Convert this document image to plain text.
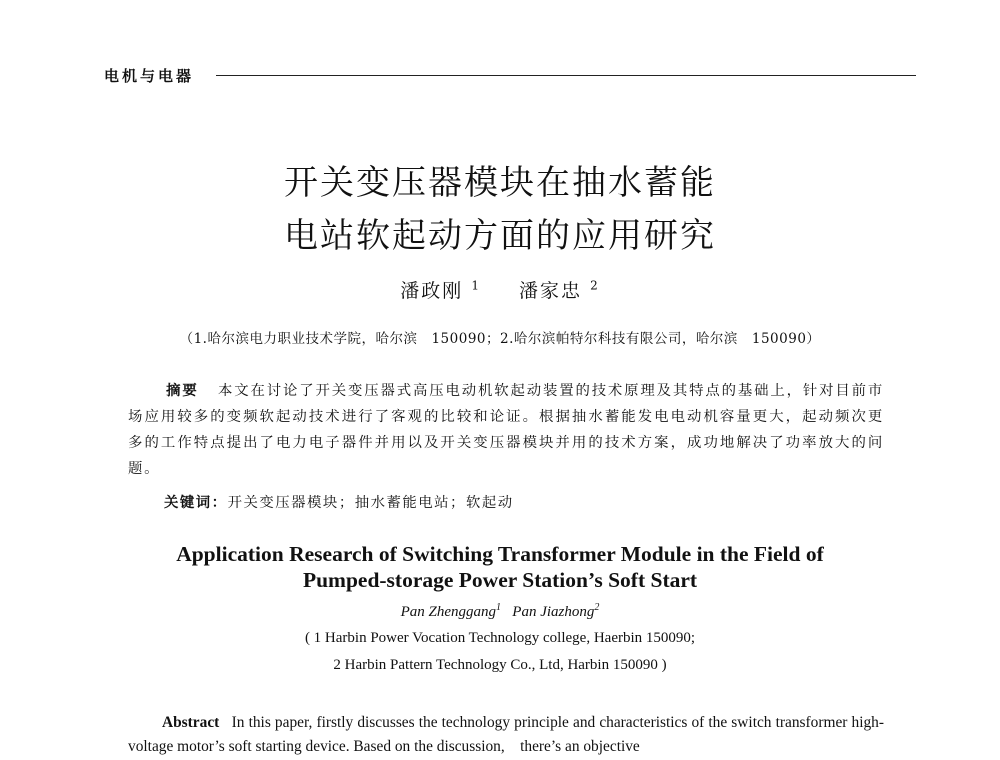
电机与电器
开关变压器模块在抽水蓄能
电站软起动方面的应用研究
潘政刚 $^1$ 潘家忠 $^2$
（1.哈尔滨电力职业技术学院，哈尔滨　150090；2.哈尔滨帕特尔科技有限公司，哈尔滨　150090）
摘要 本文在讨论了开关变压器式高压电动机软起动装置的技术原理及其特点的基础上，针对目前市场应用较多的变频软起动技术进行了客观的比较和论证。根据抽水蓄能发电电动机容量更大，起动频次更多的工作特点提出了电力电子器件并用以及开关变压器模块并用的技术方案，成功地解决了功率放大的问题。
关键词：开关变压器模块；抽水蓄能电站；软起动
Application Research of Switching Transformer Module in the Field of
Pumped-storage Power Station’s Soft Start
Pan Zhenggang$^1$ Pan Jiazhong$^2$
( 1 Harbin Power Vocation Technology college, Haerbin 150090;
2 Harbin Pattern Technology Co., Ltd, Harbin 150090 )
Abstract In this paper, firstly discusses the technology principle and characteristics of the switch transformer high-voltage motor’s soft starting device. Based on the discussion,　there’s an objective
